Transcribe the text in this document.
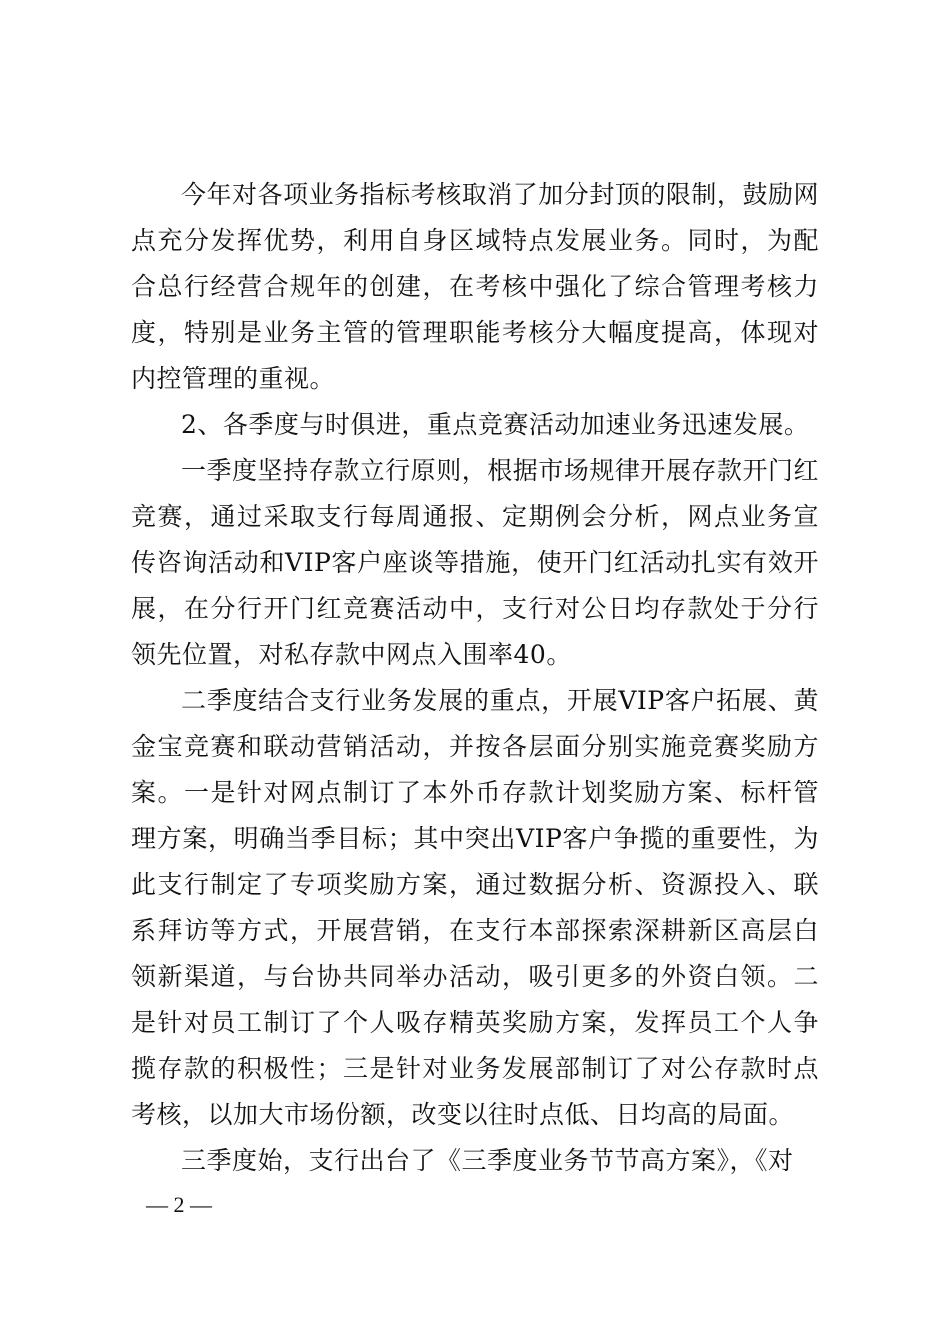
今年对各项业务指标考核取消了加分封顶的限制，鼓励网点充分发挥优势，利用自身区域特点发展业务。同时，为配合总行经营合规年的创建，在考核中强化了综合管理考核力度，特别是业务主管的管理职能考核分大幅度提高，体现对内控管理的重视。

2、各季度与时俱进，重点竞赛活动加速业务迅速发展。

一季度坚持存款立行原则，根据市场规律开展存款开门红竞赛，通过采取支行每周通报、定期例会分析，网点业务宣传咨询活动和VIP客户座谈等措施，使开门红活动扎实有效开展，在分行开门红竞赛活动中，支行对公日均存款处于分行领先位置，对私存款中网点入围率40。

二季度结合支行业务发展的重点，开展VIP客户拓展、黄金宝竞赛和联动营销活动，并按各层面分别实施竞赛奖励方案。一是针对网点制订了本外币存款计划奖励方案、标杆管理方案，明确当季目标；其中突出VIP客户争揽的重要性，为此支行制定了专项奖励方案，通过数据分析、资源投入、联系拜访等方式，开展营销，在支行本部探索深耕新区高层白领新渠道，与台协共同举办活动，吸引更多的外资白领。二是针对员工制订了个人吸存精英奖励方案，发挥员工个人争揽存款的积极性；三是针对业务发展部制订了对公存款时点考核，以加大市场份额，改变以往时点低、日均高的局面。

三季度始，支行出台了《三季度业务节节高方案》，《对

— 2 —
